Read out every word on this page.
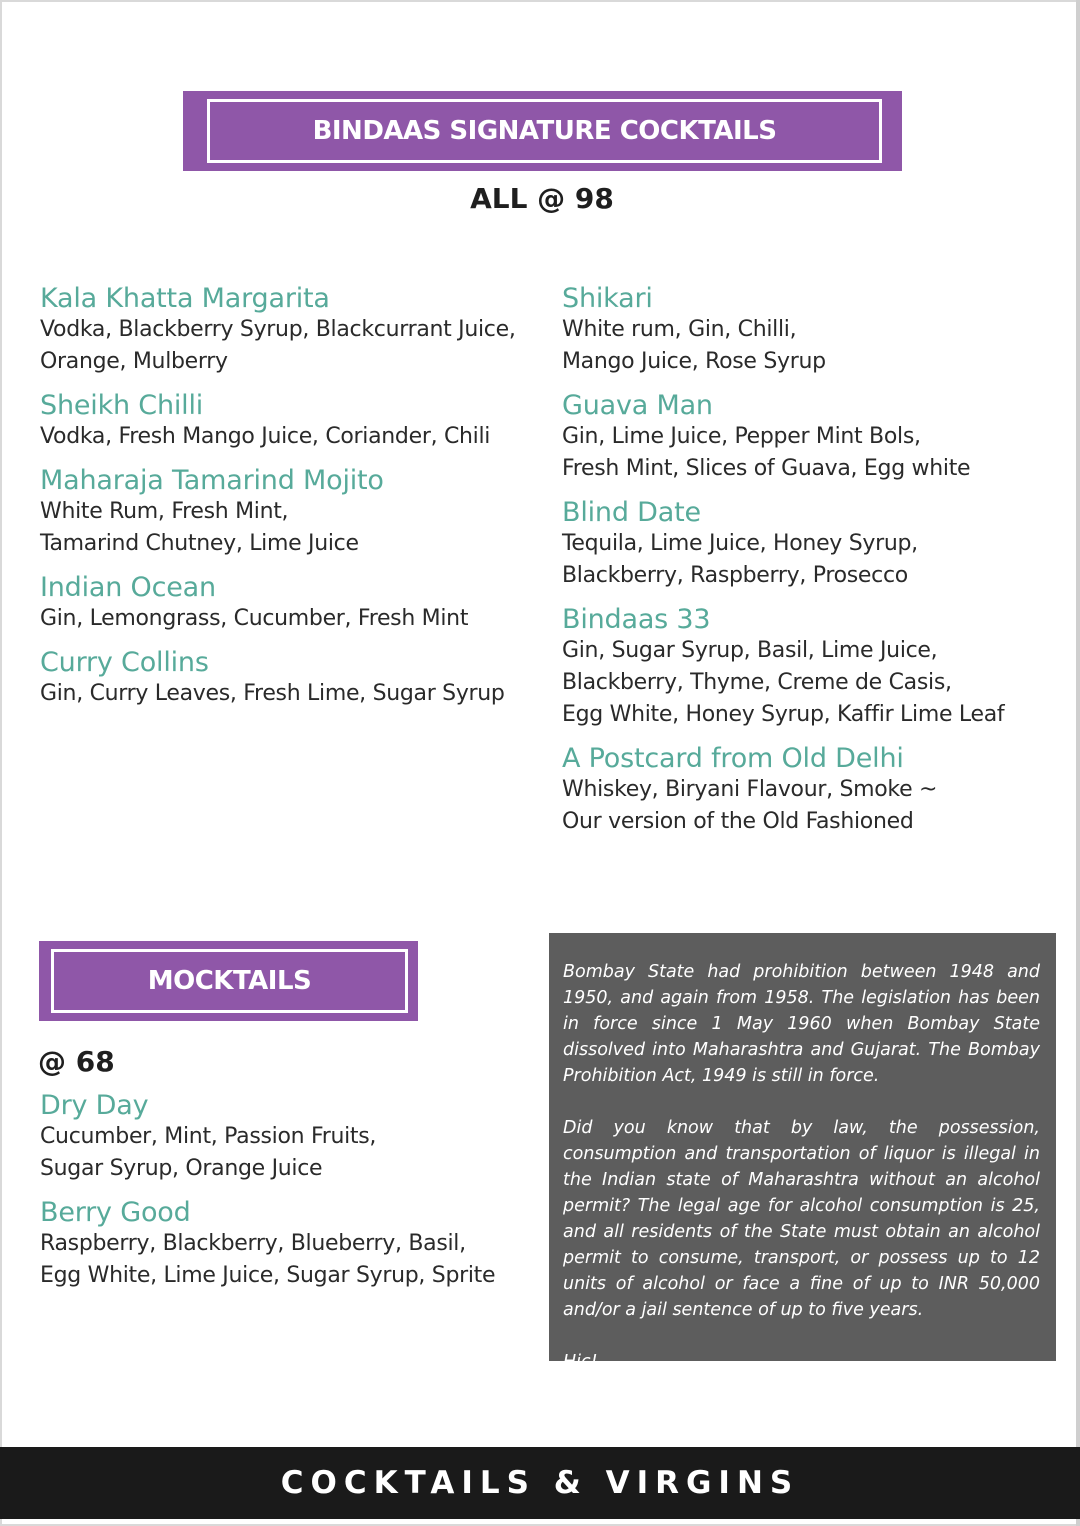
BINDAAS SIGNATURE COCKTAILS
ALL @ 98
Kala Khatta Margarita
Vodka, Blackberry Syrup, Blackcurrant Juice,
Orange, Mulberry
Sheikh Chilli
Vodka, Fresh Mango Juice, Coriander, Chili
Maharaja Tamarind Mojito
White Rum, Fresh Mint,
Tamarind Chutney, Lime Juice
Indian Ocean
Gin, Lemongrass, Cucumber, Fresh Mint
Curry Collins
Gin, Curry Leaves, Fresh Lime, Sugar Syrup
Shikari
White rum, Gin, Chilli,
Mango Juice, Rose Syrup
Guava Man
Gin, Lime Juice, Pepper Mint Bols,
Fresh Mint, Slices of Guava, Egg white
Blind Date
Tequila, Lime Juice, Honey Syrup,
Blackberry, Raspberry, Prosecco
Bindaas 33
Gin, Sugar Syrup, Basil, Lime Juice,
Blackberry, Thyme, Creme de Casis,
Egg White, Honey Syrup, Kaffir Lime Leaf
A Postcard from Old Delhi
Whiskey, Biryani Flavour, Smoke ~
Our version of the Old Fashioned
MOCKTAILS
@ 68
Dry Day
Cucumber, Mint, Passion Fruits,
Sugar Syrup, Orange Juice
Berry Good
Raspberry, Blackberry, Blueberry, Basil,
Egg White, Lime Juice, Sugar Syrup, Sprite

Bombay State had prohibition between 1948 and 1950, and again from 1958. The legislation has been in force since 1 May 1960 when Bombay State dissolved into Maharashtra and Gujarat. The Bombay Prohibition Act, 1949 is still in force.

Did you know that by law, the possession, consumption and transportation of liquor is illegal in the Indian state of Maharashtra without an alcohol permit? The legal age for alcohol consumption is 25, and all residents of the State must obtain an alcohol permit to consume, transport, or possess up to 12 units of alcohol or face a fine of up to INR 50,000 and/or a jail sentence of up to five years.

Hic!

COCKTAILS & VIRGINS
